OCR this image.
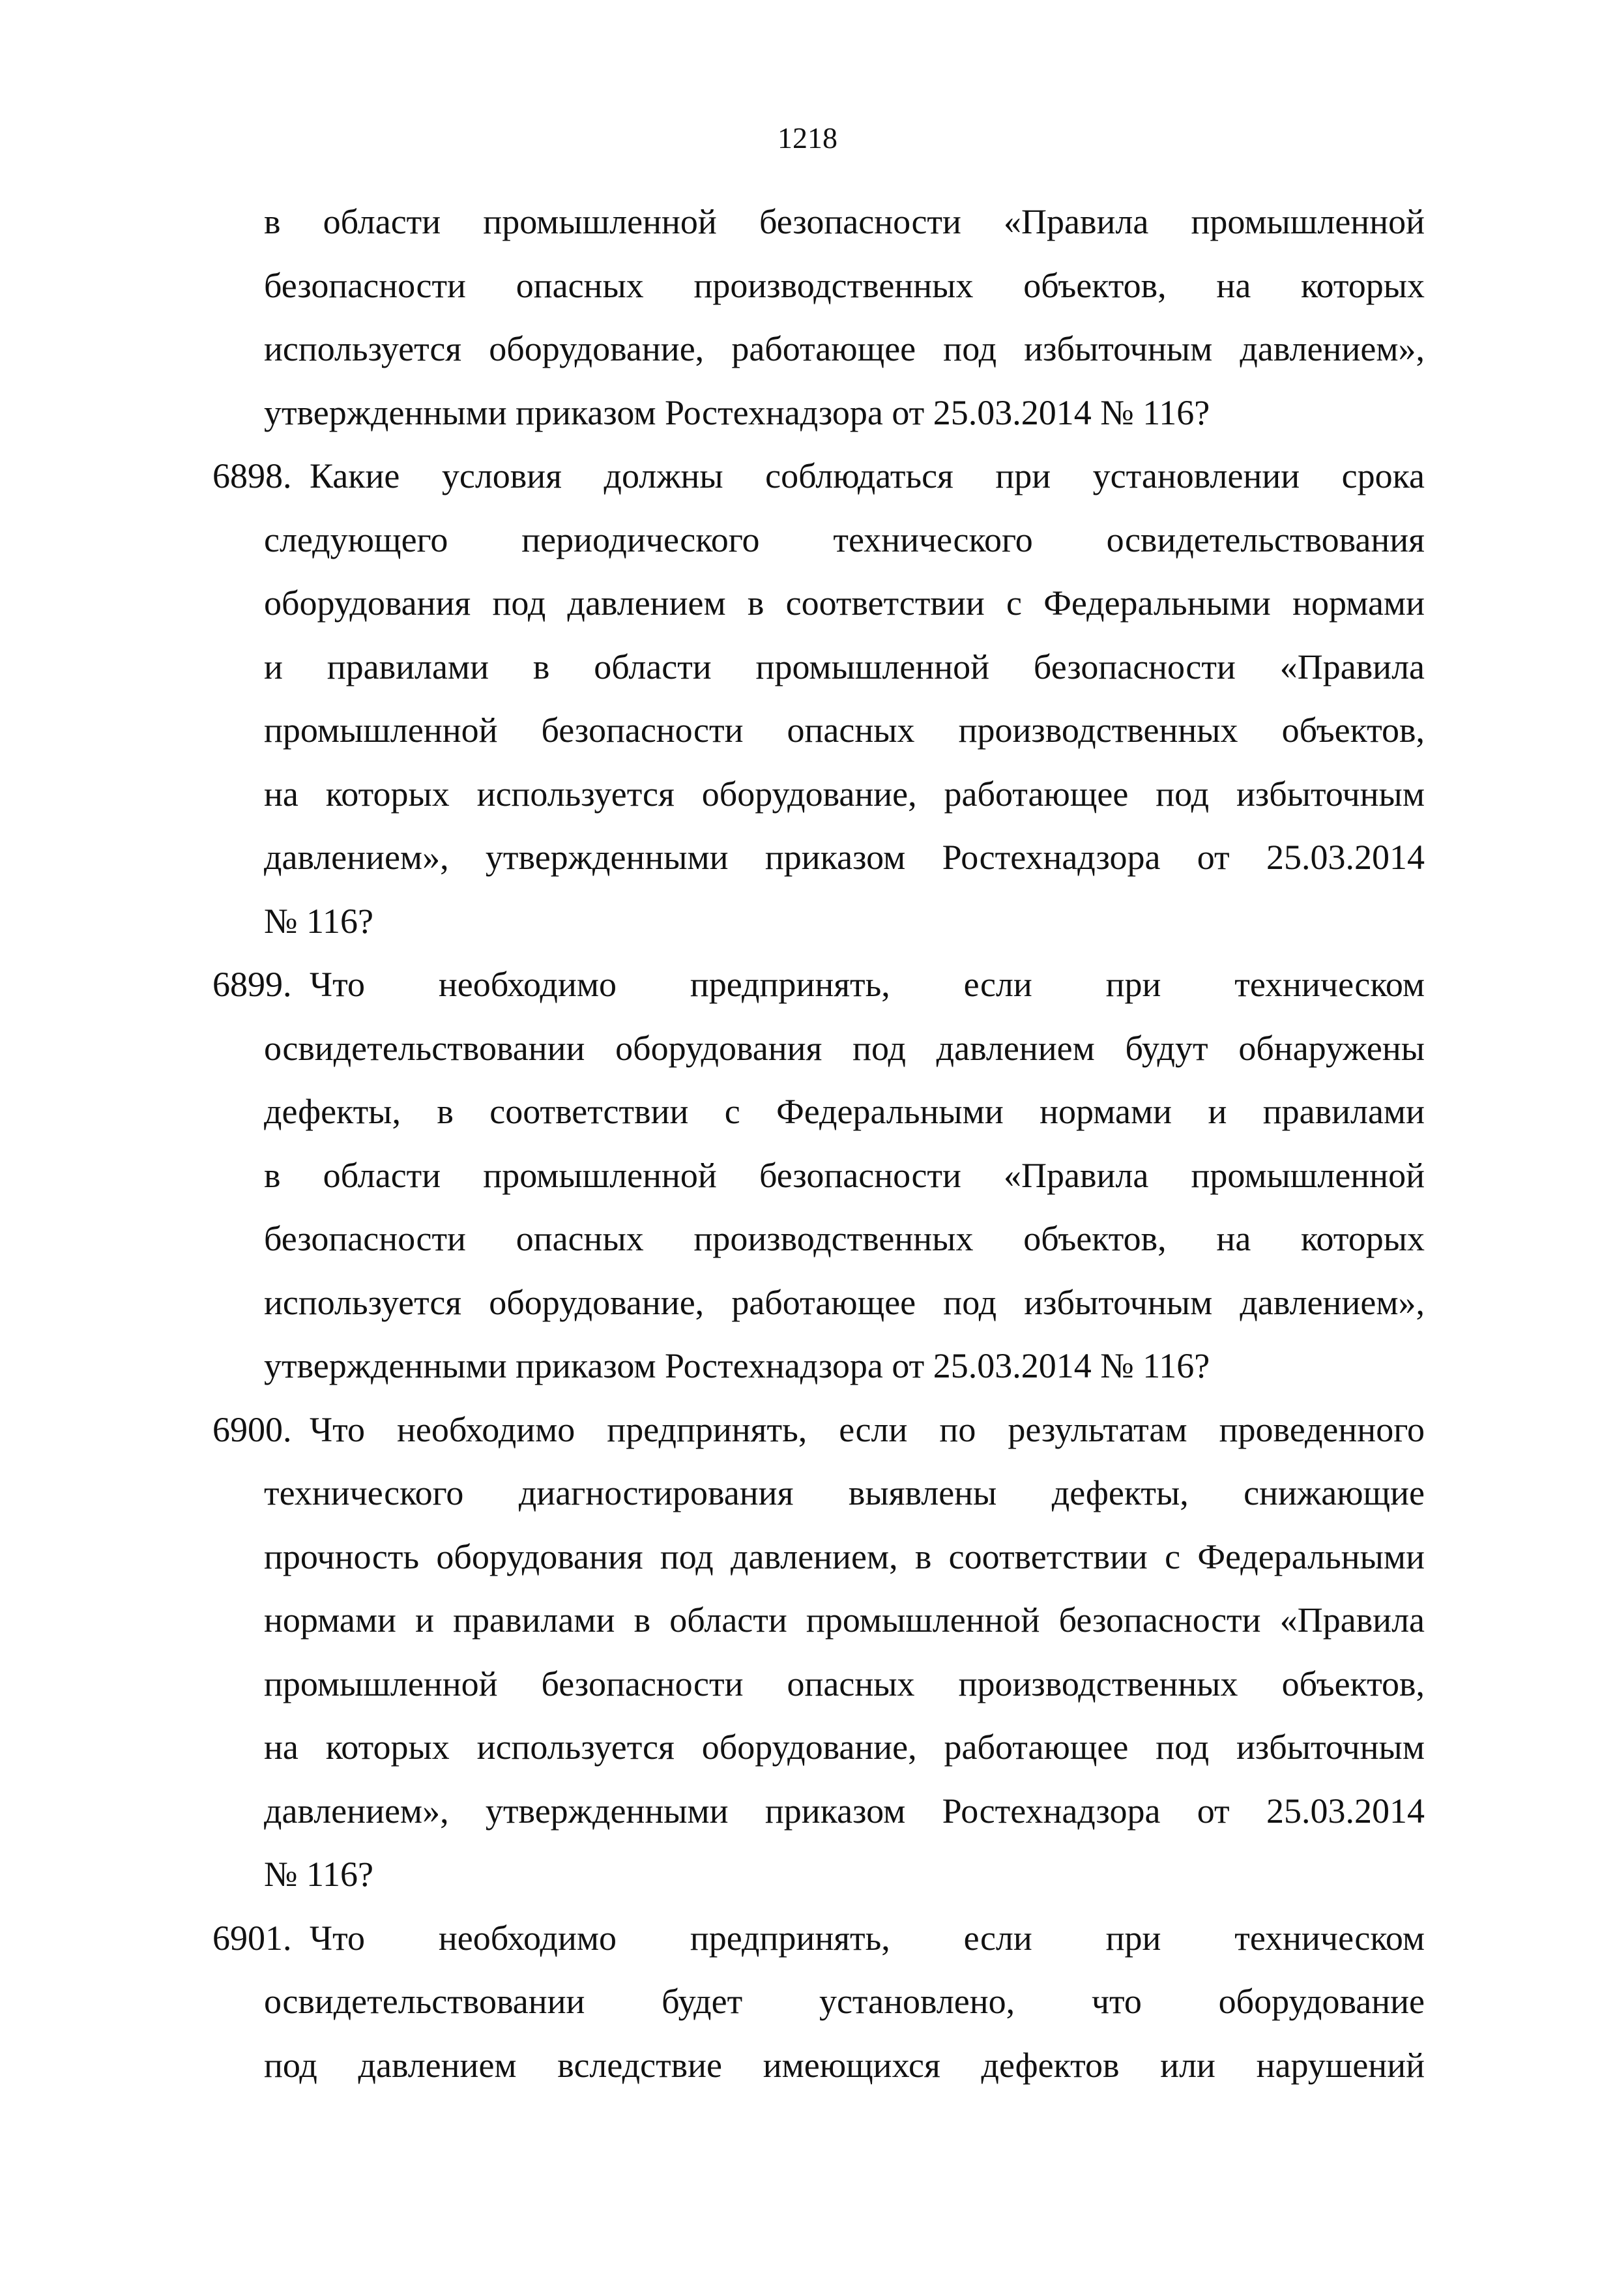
1218
в области промышленной безопасности «Правила промышленной
безопасности опасных производственных объектов, на которых
используется оборудование, работающее под избыточным давлением»,
утвержденными приказом Ростехнадзора от 25.03.2014 № 116?
6898. Какие условия должны соблюдаться при установлении срока
следующего периодического технического освидетельствования
оборудования под давлением в соответствии с Федеральными нормами
и правилами в области промышленной безопасности «Правила
промышленной безопасности опасных производственных объектов,
на которых используется оборудование, работающее под избыточным
давлением», утвержденными приказом Ростехнадзора от 25.03.2014
№ 116?
6899. Что необходимо предпринять, если при техническом
освидетельствовании оборудования под давлением будут обнаружены
дефекты, в соответствии с Федеральными нормами и правилами
в области промышленной безопасности «Правила промышленной
безопасности опасных производственных объектов, на которых
используется оборудование, работающее под избыточным давлением»,
утвержденными приказом Ростехнадзора от 25.03.2014 № 116?
6900. Что необходимо предпринять, если по результатам проведенного
технического диагностирования выявлены дефекты, снижающие
прочность оборудования под давлением, в соответствии с Федеральными
нормами и правилами в области промышленной безопасности «Правила
промышленной безопасности опасных производственных объектов,
на которых используется оборудование, работающее под избыточным
давлением», утвержденными приказом Ростехнадзора от 25.03.2014
№ 116?
6901. Что необходимо предпринять, если при техническом
освидетельствовании будет установлено, что оборудование
под давлением вследствие имеющихся дефектов или нарушений
